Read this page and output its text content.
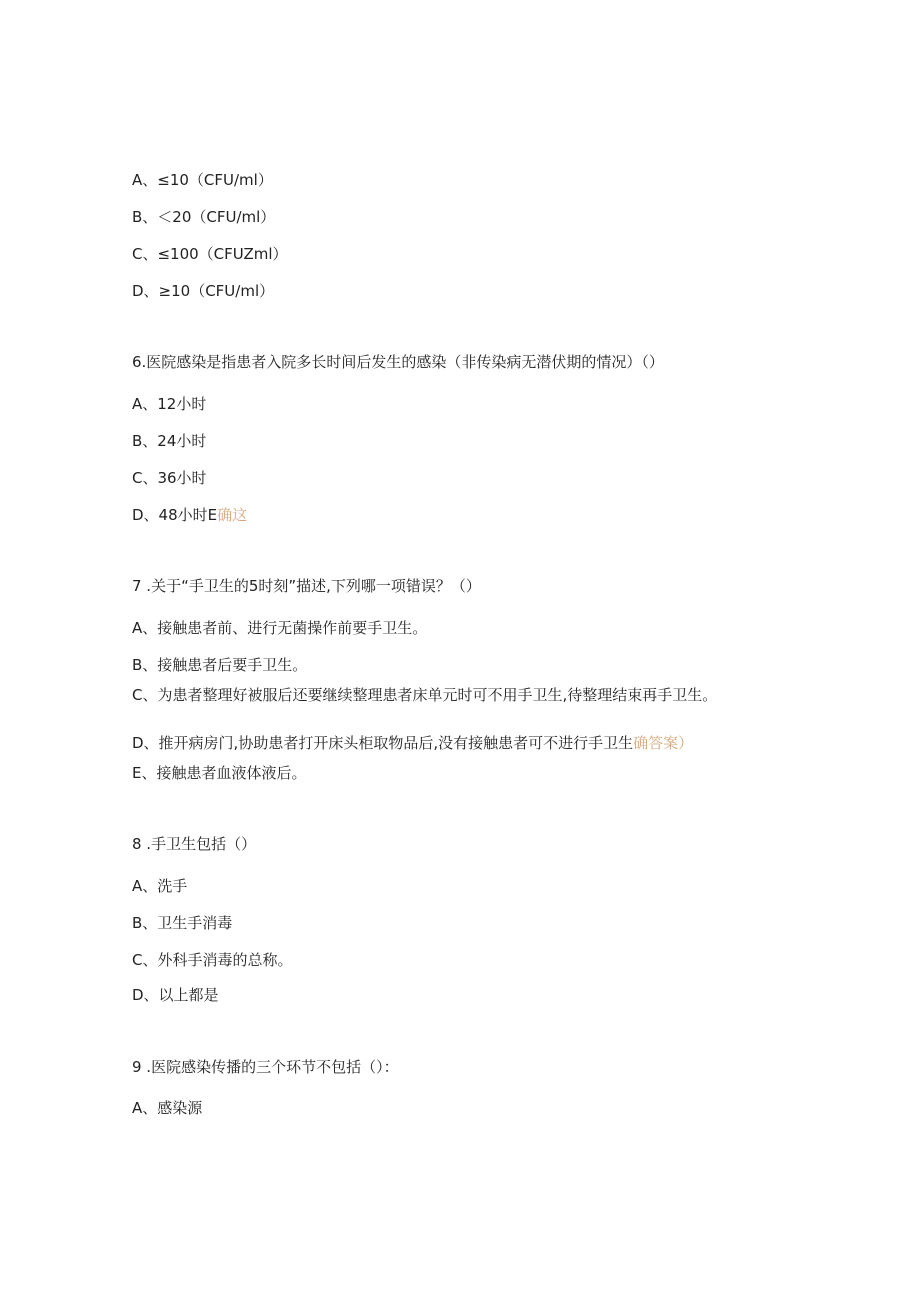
A、≤10（CFU∕ml）
B、＜20（CFU∕ml）
C、≤100（CFUZml）
D、≥10（CFU∕ml）
6.医院感染是指患者入院多长时间后发生的感染（非传染病无潜伏期的情况）（）
A、12小时
B、24小时
C、36小时
D、48小时E确这
7 .关于“手卫生的5时刻”描述,下列哪一项错误？（）
A、接触患者前、进行无菌操作前要手卫生。
B、接触患者后要手卫生。
C、为患者整理好被服后还要继续整理患者床单元时可不用手卫生,待整理结束再手卫生。
D、推开病房门,协助患者打开床头柜取物品后,没有接触患者可不进行手卫生确答案）
E、接触患者血液体液后。
8 .手卫生包括（）
A、洗手
B、卫生手消毒
C、外科手消毒的总称。
D、以上都是
9 .医院感染传播的三个环节不包括（）：
A、感染源
